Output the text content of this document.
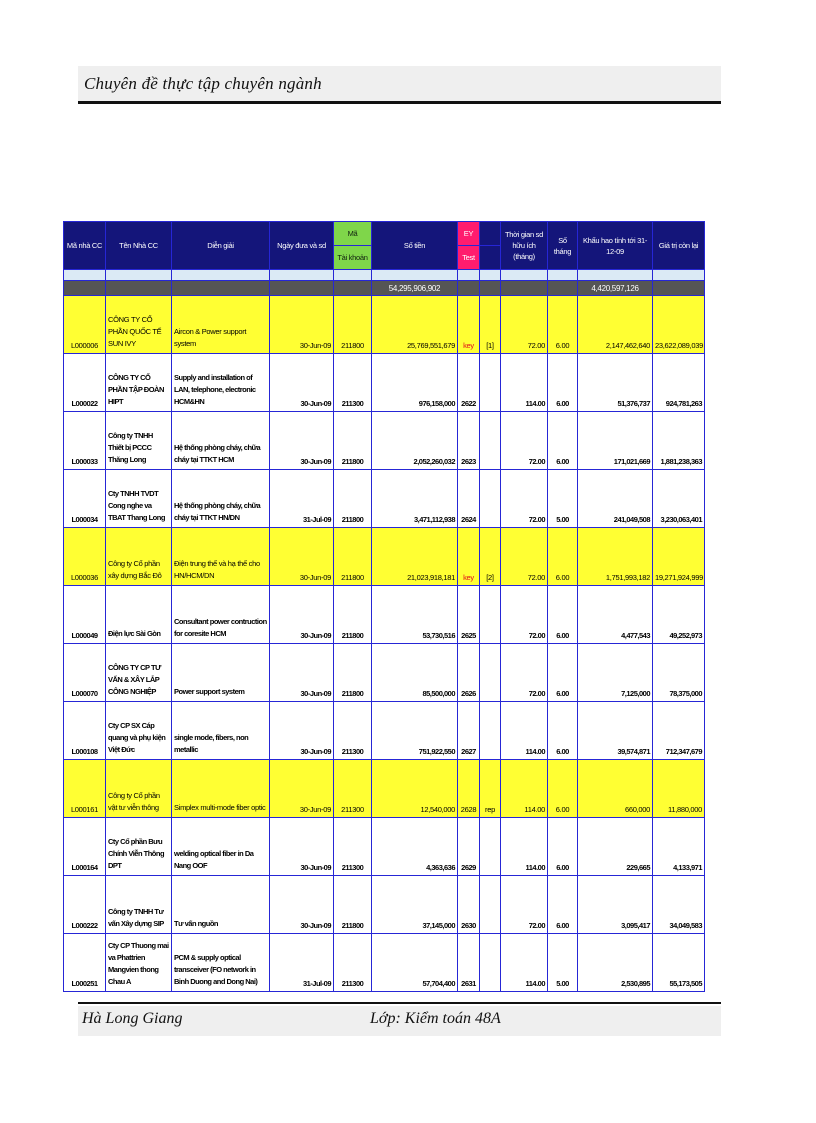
Chuyên đề thực tập chuyên ngành
Mã nhà CC	Tên Nhà CC	Diễn giải	Ngày đưa và sd	Mã	Số tiền	EY		Thời gian sd hữu ích (tháng)	Số tháng	Khấu hao tính tới 31-12-09	Giá trị còn lại
				Tài khoản		Test					

					54,295,906,902					4,420,597,126	
L000006	CÔNG TY CỔ PHẦN QUỐC TẾ SUN IVY	Aircon & Power support system	30-Jun-09	211800	25,769,551,679	key	[1]	72.00	6.00	2,147,462,640	23,622,089,039
L000022	CÔNG TY CỔ PHẦN TẬP ĐOÀN HIPT	Supply and installation of LAN, telephone, electronic HCM&HN	30-Jun-09	211300	976,158,000	2622		114.00	6.00	51,376,737	924,781,263
L000033	Công ty TNHH Thiết bị PCCC Thăng Long	Hệ thống phòng cháy, chữa cháy tại TTKT HCM	30-Jun-09	211800	2,052,260,032	2623		72.00	6.00	171,021,669	1,881,238,363
L000034	Cty TNHH TVDT Cong nghe va TBAT Thang Long	Hệ thống phòng cháy, chữa cháy tại TTKT HN/DN	31-Jul-09	211800	3,471,112,938	2624		72.00	5.00	241,049,508	3,230,063,401
L000036	Công ty Cổ phần xây dựng Bắc Đô	Điện trung thế và hạ thế cho HN/HCM/DN	30-Jun-09	211800	21,023,918,181	key	[2]	72.00	6.00	1,751,993,182	19,271,924,999
L000049	Điện lực Sài Gòn	Consultant power contruction for coresite HCM	30-Jun-09	211800	53,730,516	2625		72.00	6.00	4,477,543	49,252,973
L000070	CÔNG TY CP TƯ VẤN & XÂY LẮP CÔNG NGHIỆP	Power support system	30-Jun-09	211800	85,500,000	2626		72.00	6.00	7,125,000	78,375,000
L000108	Cty CP SX Cáp quang và phụ kiện Việt Đức	single mode, fibers, non metallic	30-Jun-09	211300	751,922,550	2627		114.00	6.00	39,574,871	712,347,679
L000161	Công ty Cổ phần vật tư viễn thông	Simplex multi-mode fiber optic	30-Jun-09	211300	12,540,000	2628	rep	114.00	6.00	660,000	11,880,000
L000164	Cty Cổ phần Bưu Chính Viễn Thông DPT	welding optical fiber in Da Nang OOF	30-Jun-09	211300	4,363,636	2629		114.00	6.00	229,665	4,133,971
L000222	Công ty TNHH Tư vấn Xây dựng SIP	Tư vấn nguồn	30-Jun-09	211800	37,145,000	2630		72.00	6.00	3,095,417	34,049,583
L000251	Cty CP Thuong mai va Phattrien Mangvien thong Chau A	PCM & supply optical transceiver (FO network in Binh Duong and Dong Nai)	31-Jul-09	211300	57,704,400	2631		114.00	5.00	2,530,895	55,173,505
Hà Long Giang	Lớp: Kiểm toán 48A
